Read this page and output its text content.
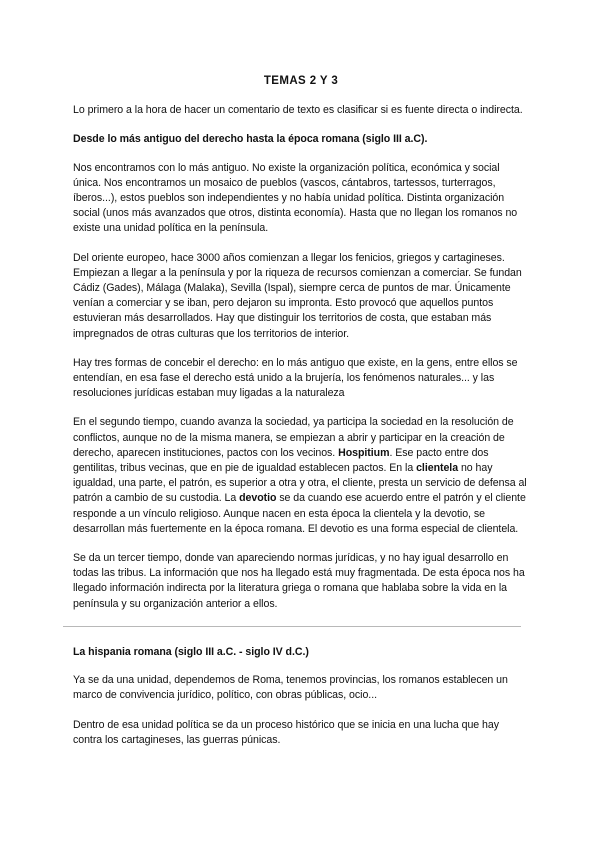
TEMAS 2 Y 3

Lo primero a la hora de hacer un comentario de texto es clasificar si es fuente directa o indirecta.

Desde lo más antiguo del derecho hasta la época romana (siglo III a.C).

Nos encontramos con lo más antiguo. No existe la organización política, económica y social única. Nos encontramos un mosaico de pueblos (vascos, cántabros, tartessos, turterragos, íberos...), estos pueblos son independientes y no había unidad política. Distinta organización social (unos más avanzados que otros, distinta economía). Hasta que no llegan los romanos no existe una unidad política en la península.

Del oriente europeo, hace 3000 años comienzan a llegar los fenicios, griegos y cartagineses. Empiezan a llegar a la península y por la riqueza de recursos comienzan a comerciar. Se fundan Cádiz (Gades), Málaga (Malaka), Sevilla (Ispal), siempre cerca de puntos de mar. Únicamente venían a comerciar y se iban, pero dejaron su impronta. Esto provocó que aquellos puntos estuvieran más desarrollados. Hay que distinguir los territorios de costa, que estaban más impregnados de otras culturas que los territorios de interior.

Hay tres formas de concebir el derecho: en lo más antiguo que existe, en la gens, entre ellos se entendían, en esa fase el derecho está unido a la brujería, los fenómenos naturales... y las resoluciones jurídicas estaban muy ligadas a la naturaleza

En el segundo tiempo, cuando avanza la sociedad, ya participa la sociedad en la resolución de conflictos, aunque no de la misma manera, se empiezan a abrir y participar en la creación de derecho, aparecen instituciones, pactos con los vecinos. Hospitium. Ese pacto entre dos gentilitas, tribus vecinas, que en pie de igualdad establecen pactos. En la clientela no hay igualdad, una parte, el patrón, es superior a otra y otra, el cliente, presta un servicio de defensa al patrón a cambio de su custodia. La devotio se da cuando ese acuerdo entre el patrón y el cliente responde a un vínculo religioso. Aunque nacen en esta época la clientela y la devotio, se desarrollan más fuertemente en la época romana. El devotio es una forma especial de clientela.

Se da un tercer tiempo, donde van apareciendo normas jurídicas, y no hay igual desarrollo en todas las tribus. La información que nos ha llegado está muy fragmentada. De esta época nos ha llegado información indirecta por la literatura griega o romana que hablaba sobre la vida en la península y su organización anterior a ellos.

La hispania romana (siglo III a.C. - siglo IV d.C.)

Ya se da una unidad, dependemos de Roma, tenemos provincias, los romanos establecen un marco de convivencia jurídico, político, con obras públicas, ocio...

Dentro de esa unidad política se da un proceso histórico que se inicia en una lucha que hay contra los cartagineses, las guerras púnicas.
